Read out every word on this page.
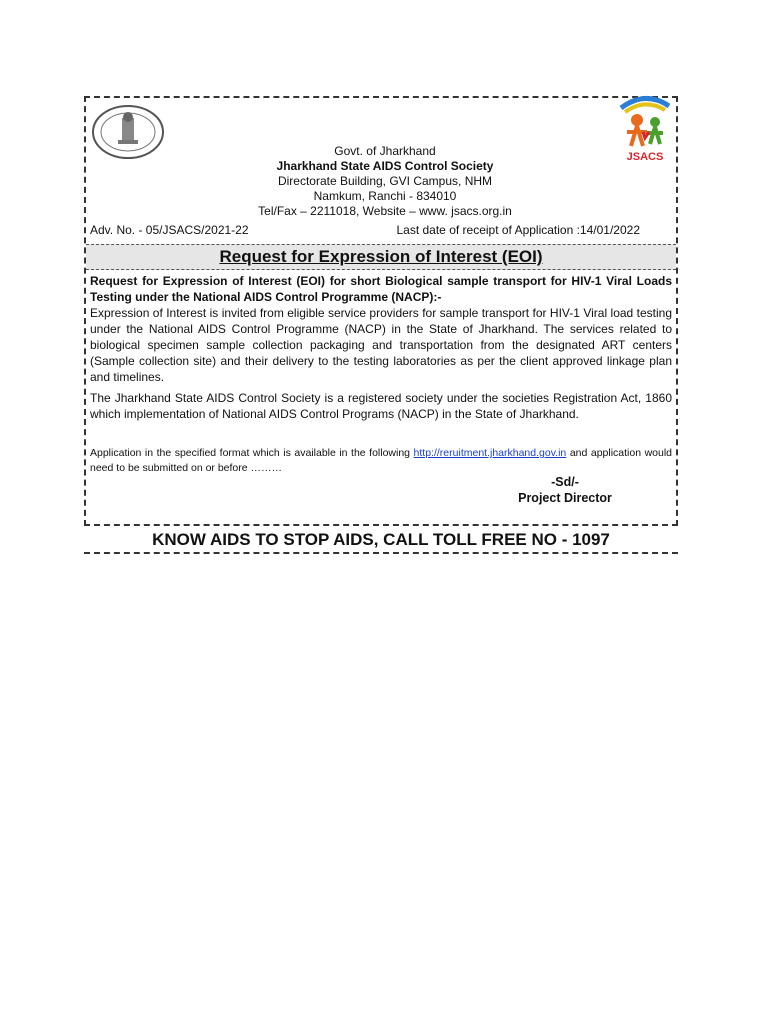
JSACS
Govt. of Jharkhand
Jharkhand State AIDS Control Society
Directorate Building, GVI Campus, NHM
Namkum, Ranchi - 834010
Tel/Fax – 2211018, Website – www. jsacs.org.in
Adv. No. - 05/JSACS/2021-22	Last date of receipt of Application :14/01/2022
Request for Expression of Interest (EOI)
Request for Expression of Interest (EOI) for short Biological sample transport for HIV-1 Viral Loads Testing under the National AIDS Control Programme (NACP):-
Expression of Interest is invited from eligible service providers for sample transport for HIV-1 Viral load testing under the National AIDS Control Programme (NACP) in the State of Jharkhand. The services related to biological specimen sample collection packaging and transportation from the designated ART centers (Sample collection site) and their delivery to the testing laboratories as per the client approved linkage plan and timelines.
The Jharkhand State AIDS Control Society is a registered society under the societies Registration Act, 1860 which implementation of National AIDS Control Programs (NACP) in the State of Jharkhand.
Application in the specified format which is available in the following http://reruitment.jharkhand.gov.in and application would need to be submitted on or before ………
-Sd/-
Project Director
KNOW AIDS TO STOP AIDS, CALL TOLL FREE NO - 1097
